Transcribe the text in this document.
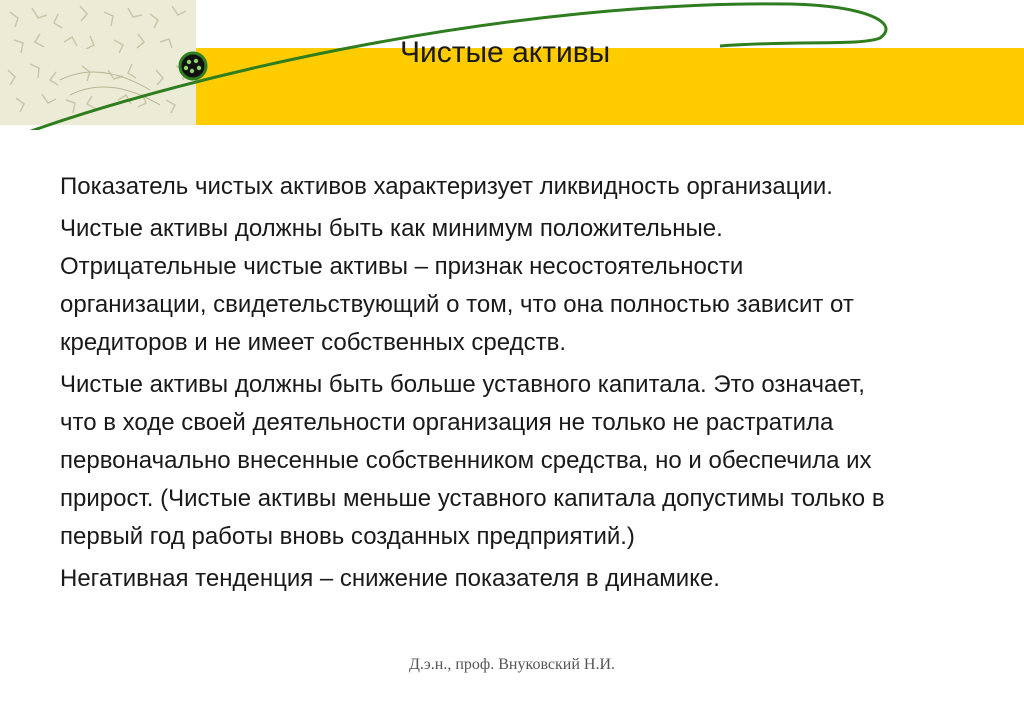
Чистые активы

Показатель чистых активов характеризует ликвидность организации.

Чистые активы должны быть как минимум положительные.
Отрицательные чистые активы – признак несостоятельности
организации, свидетельствующий о том, что она полностью зависит от
кредиторов и не имеет собственных средств.

Чистые активы должны быть больше уставного капитала. Это означает,
что в ходе своей деятельности организация не только не растратила
первоначально внесенные собственником средства, но и обеспечила их
прирост. (Чистые активы меньше уставного капитала допустимы только в
первый год работы вновь созданных предприятий.)

Негативная тенденция – снижение показателя в динамике.

Д.э.н., проф. Внуковский Н.И.
